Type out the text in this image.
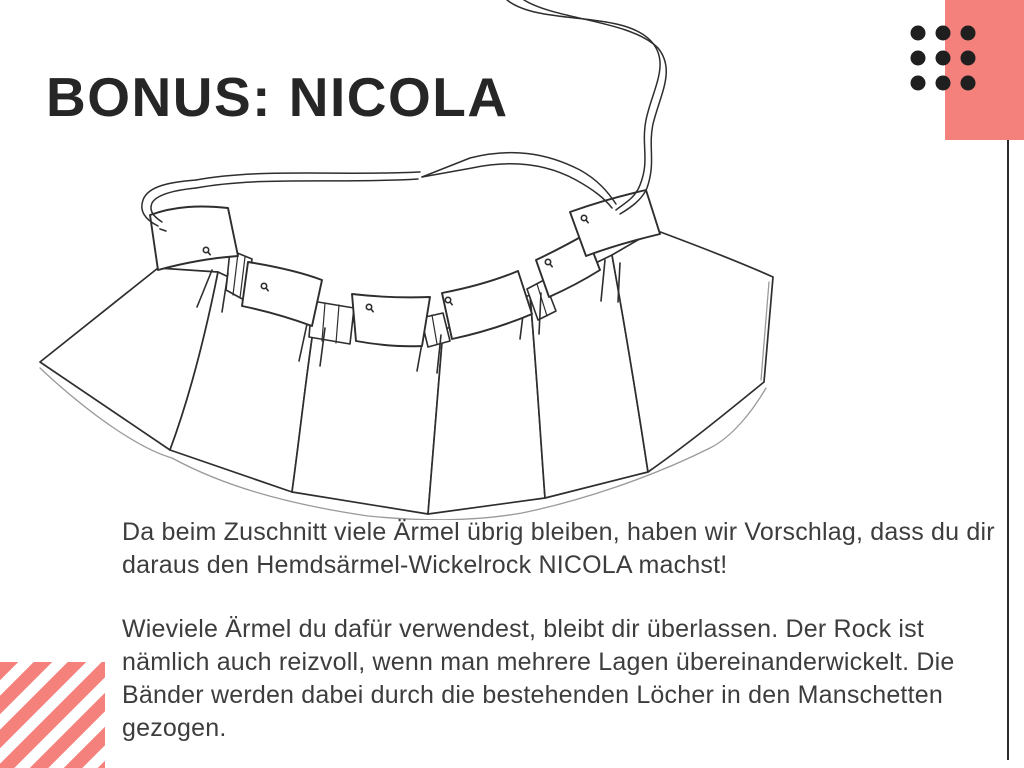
BONUS: NICOLA

Da beim Zuschnitt viele Ärmel übrig bleiben, haben wir Vorschlag, dass du dir daraus den Hemdsärmel-Wickelrock NICOLA machst!

Wieviele Ärmel du dafür verwendest, bleibt dir überlassen. Der Rock ist nämlich auch reizvoll, wenn man mehrere Lagen übereinanderwickelt. Die Bänder werden dabei durch die bestehenden Löcher in den Manschetten gezogen.
